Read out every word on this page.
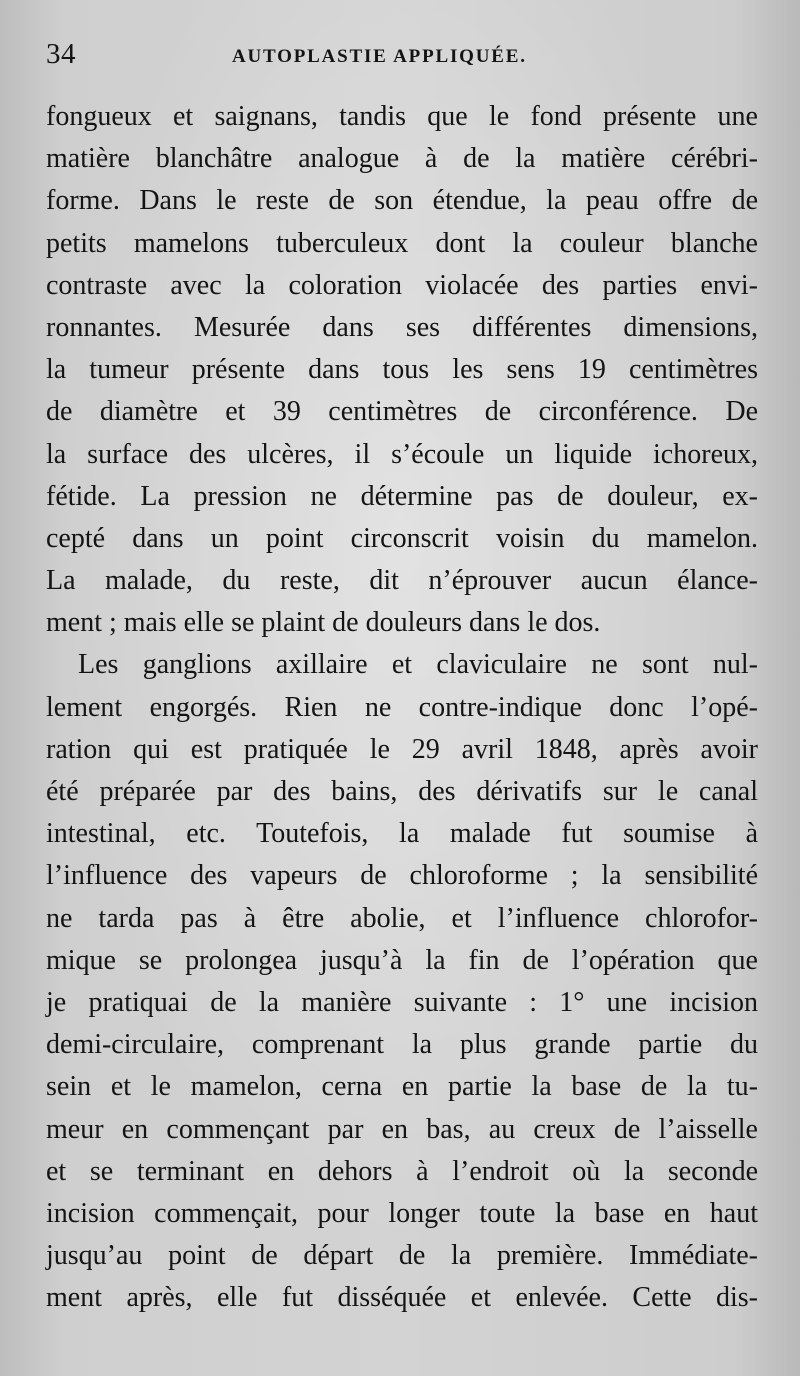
34	AUTOPLASTIE APPLIQUÉE.
fongueux et saignans, tandis que le fond présente une
matière blanchâtre analogue à de la matière cérébri-
forme. Dans le reste de son étendue, la peau offre de
petits mamelons tuberculeux dont la couleur blanche
contraste avec la coloration violacée des parties envi-
ronnantes. Mesurée dans ses différentes dimensions,
la tumeur présente dans tous les sens 19 centimètres
de diamètre et 39 centimètres de circonférence. De
la surface des ulcères, il s’écoule un liquide ichoreux,
fétide. La pression ne détermine pas de douleur, ex-
cepté dans un point circonscrit voisin du mamelon.
La malade, du reste, dit n’éprouver aucun élance-
ment ; mais elle se plaint de douleurs dans le dos.
Les ganglions axillaire et claviculaire ne sont nul-
lement engorgés. Rien ne contre-indique donc l’opé-
ration qui est pratiquée le 29 avril 1848, après avoir
été préparée par des bains, des dérivatifs sur le canal
intestinal, etc. Toutefois, la malade fut soumise à
l’influence des vapeurs de chloroforme ; la sensibilité
ne tarda pas à être abolie, et l’influence chlorofor-
mique se prolongea jusqu’à la fin de l’opération que
je pratiquai de la manière suivante : 1° une incision
demi-circulaire, comprenant la plus grande partie du
sein et le mamelon, cerna en partie la base de la tu-
meur en commençant par en bas, au creux de l’aisselle
et se terminant en dehors à l’endroit où la seconde
incision commençait, pour longer toute la base en haut
jusqu’au point de départ de la première. Immédiate-
ment après, elle fut disséquée et enlevée. Cette dis-
